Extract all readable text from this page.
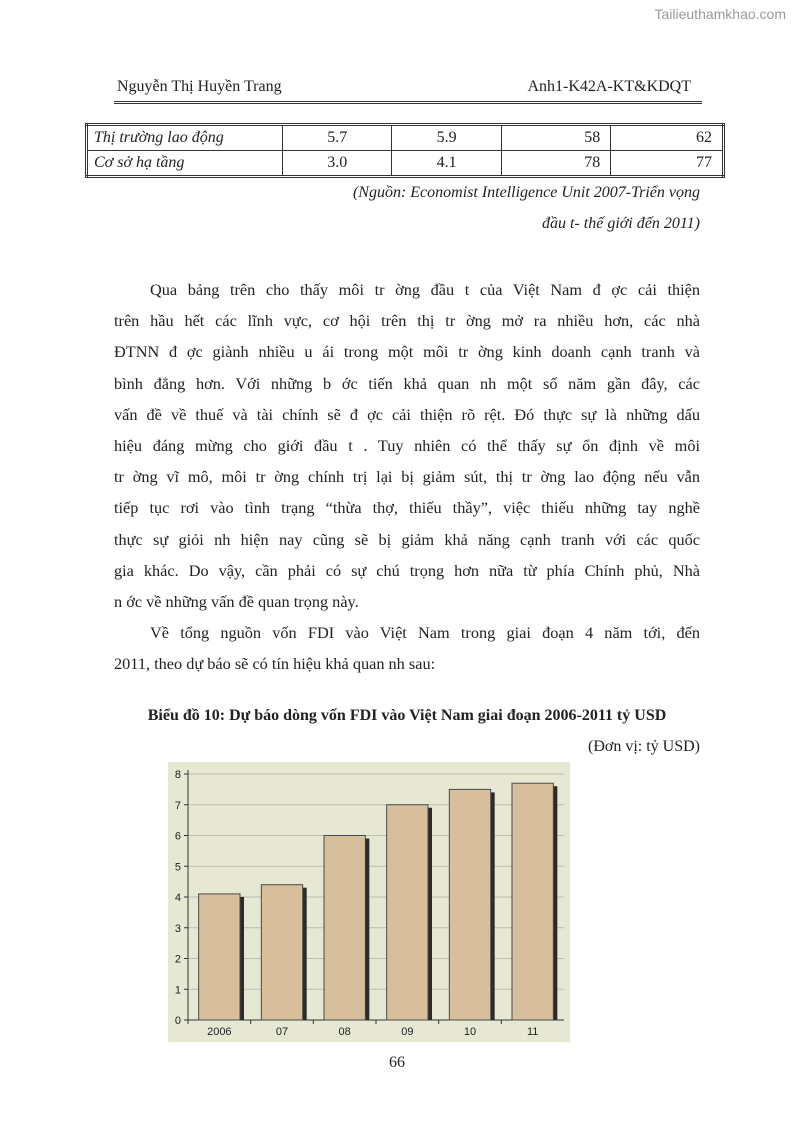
Tailieuthamkhao.com
Nguyễn Thị Huyền Trang	Anh1-K42A-KT&KDQT
Thị trường lao động	5.7	5.9	58	62
Cơ sở hạ tầng	3.0	4.1	78	77
(Nguồn: Economist Intelligence Unit 2007-Triển vọng
đầu t- thế giới đến 2011)
Qua bảng trên cho thấy môi tr ờng đầu t của Việt Nam đ ợc cải thiện
trên hầu hết các lĩnh vực, cơ hội trên thị tr ờng mở ra nhiều hơn, các nhà
ĐTNN đ ợc giành nhiều u ái trong một môi tr ờng kinh doanh cạnh tranh và
bình đẳng hơn. Với những b ớc tiến khả quan nh một số năm gần đây, các
vấn đề về thuế và tài chính sẽ đ ợc cải thiện rõ rệt. Đó thực sự là những dấu
hiệu đáng mừng cho giới đầu t . Tuy nhiên có thể thấy sự ổn định về môi
tr ờng vĩ mô, môi tr ờng chính trị lại bị giảm sút, thị tr ờng lao động nếu vẫn
tiếp tục rơi vào tình trạng “thừa thợ, thiếu thầy”, việc thiếu những tay nghề
thực sự giỏi nh hiện nay cũng sẽ bị giảm khả năng cạnh tranh với các quốc
gia khác. Do vậy, cần phải có sự chú trọng hơn nữa từ phía Chính phủ, Nhà
n ớc về những vấn đề quan trọng này.
Về tổng nguồn vốn FDI vào Việt Nam trong giai đoạn 4 năm tới, đến
2011, theo dự báo sẽ có tín hiệu khả quan nh sau:
Biểu đồ 10: Dự báo dòng vốn FDI vào Việt Nam giai đoạn 2006-2011 tỷ USD
(Đơn vị: tỷ USD)
0
1
2
3
4
5
6
7
8
2006	07	08	09	10	11
66
